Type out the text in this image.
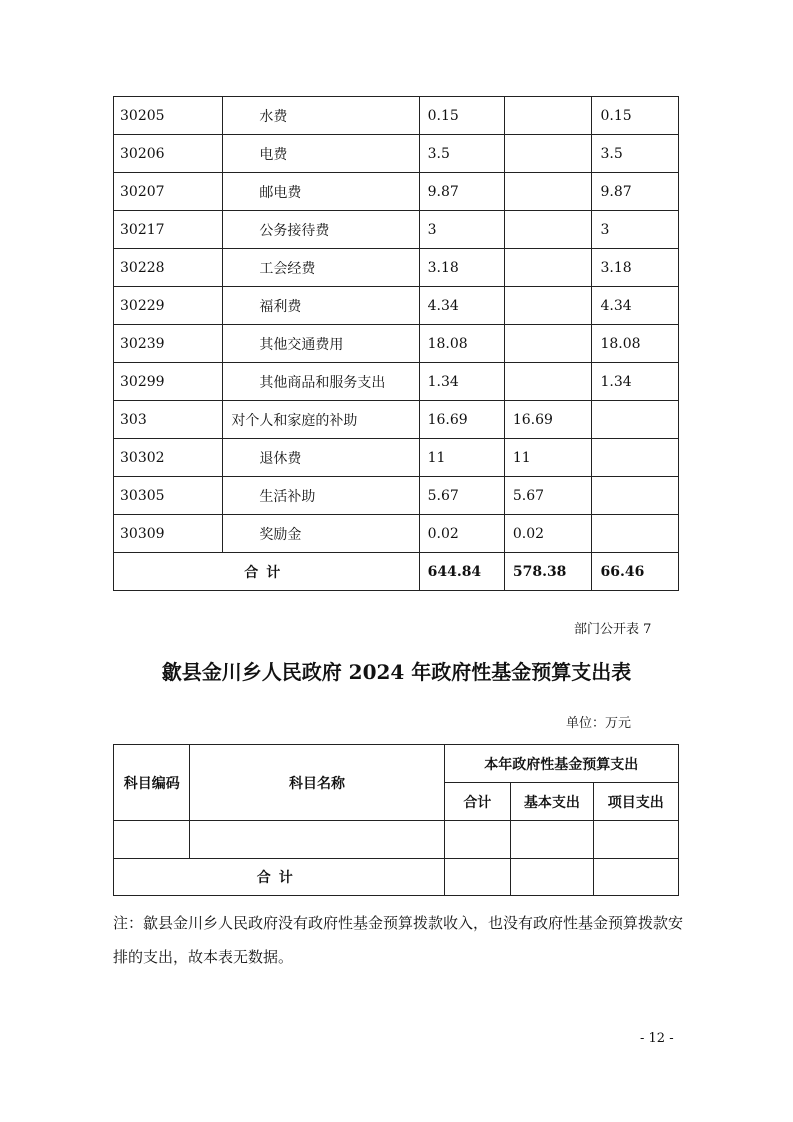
30205	水费	0.15		0.15
30206	电费	3.5		3.5
30207	邮电费	9.87		9.87
30217	公务接待费	3		3
30228	工会经费	3.18		3.18
30229	福利费	4.34		4.34
30239	其他交通费用	18.08		18.08
30299	其他商品和服务支出	1.34		1.34
303	对个人和家庭的补助	16.69	16.69	
30302	退休费	11	11	
30305	生活补助	5.67	5.67	
30309	奖励金	0.02	0.02	
合计		644.84	578.38	66.46
部门公开表 7
歙县金川乡人民政府 2024 年政府性基金预算支出表
单位：万元
科目编码	科目名称	本年政府性基金预算支出		
		合计	基本支出	项目支出

合计				
注：歙县金川乡人民政府没有政府性基金预算拨款收入，也没有政府性基金预算拨款安排的支出，故本表无数据。
- 12 -
